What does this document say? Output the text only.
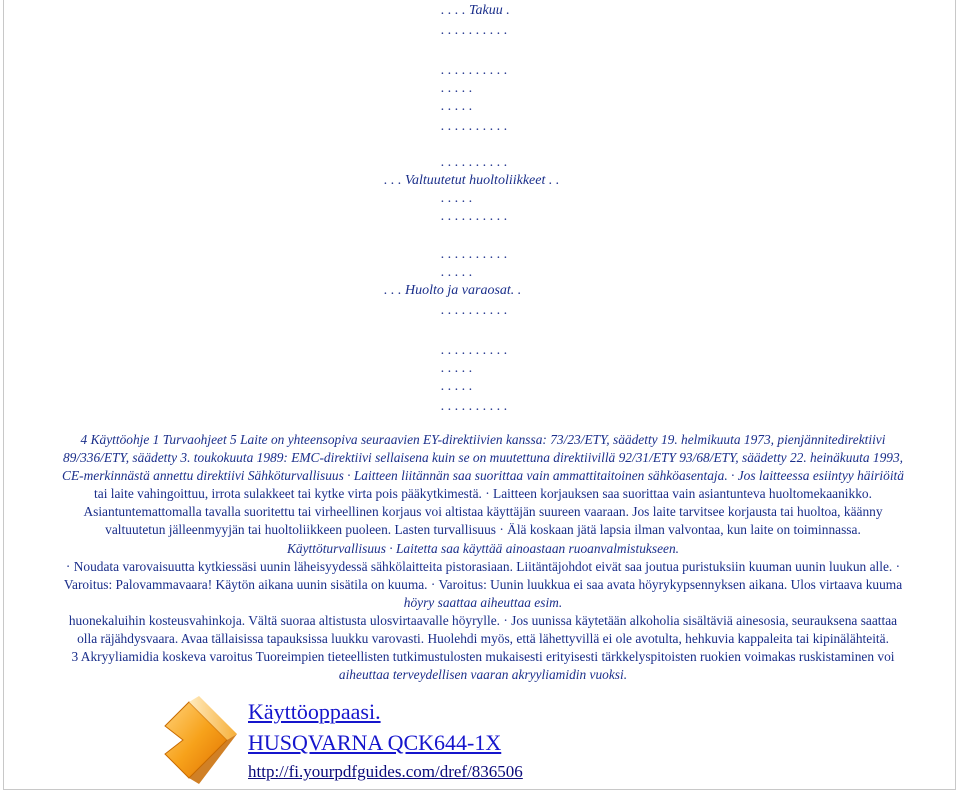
. . . . Takuu .
. . . . . . . . . .
. . . . . . . . . .
. . . . .
. . . . .
. . . . . . . . . .
. . . . . . . . . .
. . . Valtuutetut huoltoliikkeet . .
. . . . .
. . . . . . . . . .
. . . . . . . . . .
. . . . .
. . . Huolto ja varaosat. .
. . . . . . . . . .
. . . . . . . . . .
. . . . .
. . . . .
. . . . . . . . . .
4 Käyttöohje 1 Turvaohjeet 5 Laite on yhteensopiva seuraavien EY-direktiivien kanssa: 73/23/ETY, säädetty 19. helmikuuta 1973, pienjännitedirektiivi
89/336/ETY, säädetty 3. toukokuuta 1989: EMC-direktiivi sellaisena kuin se on muutettuna direktiivillä 92/31/ETY 93/68/ETY, säädetty 22. heinäkuuta 1993,
CE-merkinnästä annettu direktiivi Sähköturvallisuus · Laitteen liitännän saa suorittaa vain ammattitaitoinen sähköasentaja. · Jos laitteessa esiintyy häiriöitä
tai laite vahingoittuu, irrota sulakkeet tai kytke virta pois pääkytkimestä. · Laitteen korjauksen saa suorittaa vain asiantunteva huoltomekaanikko.
Asiantuntemattomalla tavalla suoritettu tai virheellinen korjaus voi altistaa käyttäjän suureen vaaraan. Jos laite tarvitsee korjausta tai huoltoa, käänny
valtuutetun jälleenmyyjän tai huoltoliikkeen puoleen. Lasten turvallisuus · Älä koskaan jätä lapsia ilman valvontaa, kun laite on toiminnassa.
Käyttöturvallisuus · Laitetta saa käyttää ainoastaan ruoanvalmistukseen.
· Noudata varovaisuutta kytkiessäsi uunin läheisyydessä sähkölaitteita pistorasiaan. Liitäntäjohdot eivät saa joutua puristuksiin kuuman uunin luukun alle. ·
Varoitus: Palovammavaara! Käytön aikana uunin sisätila on kuuma. · Varoitus: Uunin luukkua ei saa avata höyrykypsennyksen aikana. Ulos virtaava kuuma
höyry saattaa aiheuttaa esim.
huonekaluihin kosteusvahinkoja. Vältä suoraa altistusta ulosvirtaavalle höyrylle. · Jos uunissa käytetään alkoholia sisältäviä ainesosia, seurauksena saattaa
olla räjähdysvaara. Avaa tällaisissa tapauksissa luukku varovasti. Huolehdi myös, että lähettyvillä ei ole avotulta, hehkuvia kappaleita tai kipinälähteitä.
3 Akryyliamidia koskeva varoitus Tuoreimpien tieteellisten tutkimustulosten mukaisesti erityisesti tärkkelyspitoisten ruokien voimakas ruskistaminen voi
aiheuttaa terveydellisen vaaran akryyliamidin vuoksi.
Käyttöoppaasi.
HUSQVARNA QCK644-1X
http://fi.yourpdfguides.com/dref/836506
